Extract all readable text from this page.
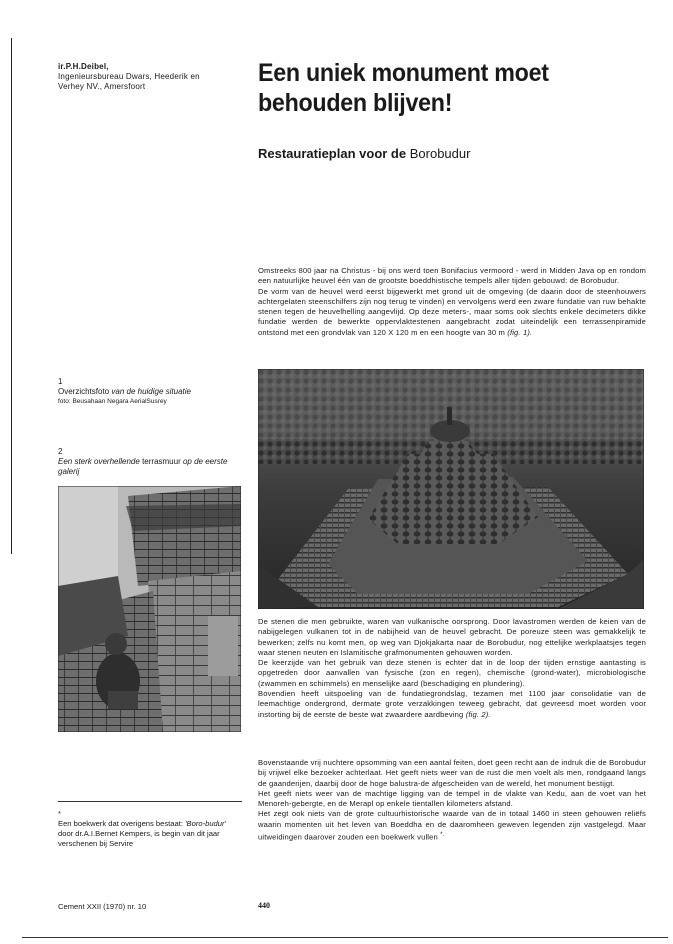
ir.P.H.Deibel,
Ingenieursbureau Dwars, Heederik en
Verhey NV., Amersfoort	Een uniek monument moet
behouden blijven!
Restauratieplan voor de Borobudur

Omstreeks 800 jaar na Christus - bij ons werd toen Bonifacius vermoord - werd in Midden Java op en rondom een natuurlijke heuvel één van de grootste boeddhistische tempels aller tijden gebouwd: de Borobudur.

De vorm van de heuvel werd eerst bijgewerkt met grond uit de omgeving (de daarin door de steenhouwers achtergelaten steenschilfers zijn nog terug te vinden) en vervolgens werd een zware fundatie van ruw behakte stenen tegen de heuvelhelling aangevlijd. Op deze meters-, maar soms ook slechts enkele decimeters dikke fundatie werden de bewerkte oppervlaktestenen aangebracht zodat uiteindelijk een terrassenpiramide ontstond met een grondvlak van 120 X 120 m en een hoogte van 30 m (fig. 1).

1
Overzichtsfoto van de huidige situatie
foto: Beusahaan Negara AerialSusrey
2
Een sterk overhellende terrasmuur op de eerste galerij

De stenen die men gebruikte, waren van vulkanische oorsprong. Door lavastromen werden de keien van de nabijgelegen vulkanen tot in de nabijheid van de heuvel gebracht. De poreuze steen was gemakkelijk te bewerken; zelfs nu komt men, op weg van Djokjakarta naar de Borobudur, nog ettelijke werkplaatsjes tegen waar stenen neuten en Islamitische grafmonumenten gehouwen worden.

De keerzijde van het gebruik van deze stenen is echter dat in de loop der tijden ernstige aantasting is opgetreden door aanvallen van fysische (zon en regen), chemische (grond-water), microbiologische (zwammen en schimmels) en menselijke aard (beschadiging en plundering).

Bovendien heeft uitspoeling van de fundatiegrondslag, tezamen met 1100 jaar consolidatie van de leemachtige ondergrond, dermate grote verzakkingen teweeg gebracht, dat gevreesd moet worden voor instorting bij de eerste de beste wat zwaardere aardbeving (fig. 2).

Bovenstaande vrij nuchtere opsomming van een aantal feiten, doet geen recht aan de indruk die de Borobudur bij vrijwel elke bezoeker achterlaat. Het geeft niets weer van de rust die men voelt als men, rondgaand langs de gaanderijen, daarbij door de hoge balustra-de afgescheiden van de wereld, het monument bestijgt.

Het geeft niets weer van de machtige ligging van de tempel in de vlakte van Kedu, aan de voet van het Menoreh-gebergte, en de Merapl op enkele tientallen kilometers afstand.

Het zegt ook niets van de grote cultuurhistorische waarde van de in totaal 1460 in steen gehouwen reliëfs waarin momenten uit het leven van Boeddha en de daaromheen geweven legenden zijn vastgelegd. Maar uitweidingen daarover zouden een boekwerk vullen *.

*
Een boekwerk dat overigens bestaat: 'Boro-budur' door dr.A.I.Bernet Kempers, is begin van dit jaar verschenen bij Servire
Cement XXII (1970) nr. 10	440
